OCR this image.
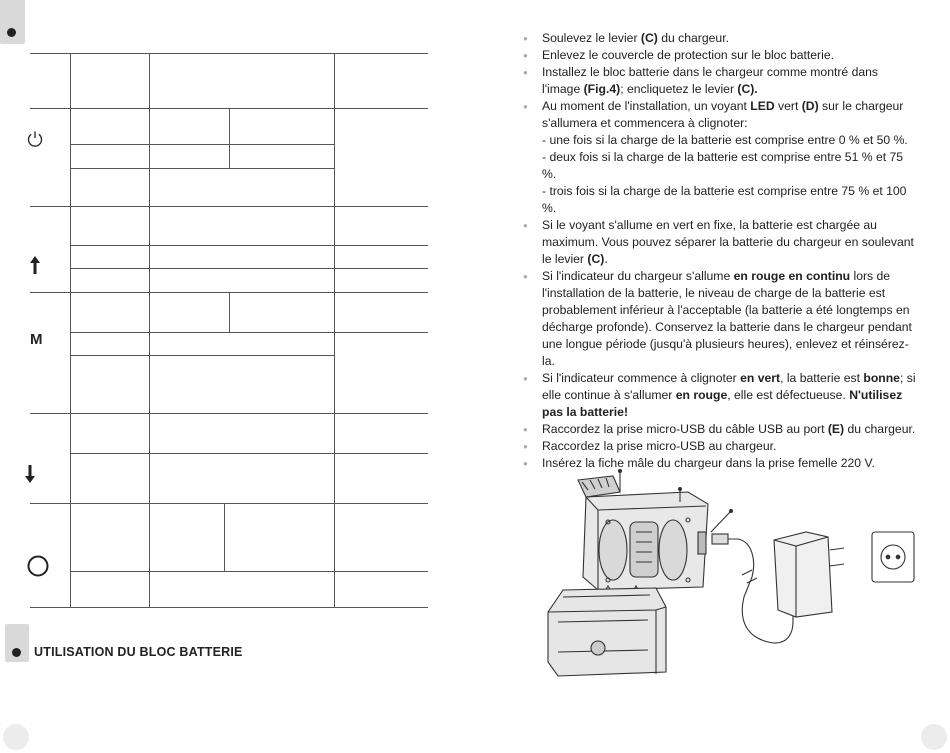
M
UTILISATION DU BLOC BATTERIE
● Soulevez le levier (C) du chargeur.
● Enlevez le couvercle de protection sur le bloc batterie.
● Installez le bloc batterie dans le chargeur comme montré dans l'image (Fig.4); encliquetez le levier (C).
● Au moment de l'installation, un voyant LED vert (D) sur le chargeur s'allumera et commencera à clignoter:
- une fois si la charge de la batterie est comprise entre 0 % et 50 %.
- deux fois si la charge de la batterie est comprise entre 51 % et 75 %.
- trois fois si la charge de la batterie est comprise entre 75 % et 100 %.
● Si le voyant s'allume en vert en fixe, la batterie est chargée au maximum. Vous pouvez séparer la batterie du chargeur en soulevant le levier (C).
● Si l'indicateur du chargeur s'allume en rouge en continu lors de l'installation de la batterie, le niveau de charge de la batterie est probablement inférieur à l'acceptable (la batterie a été longtemps en décharge profonde). Conservez la batterie dans le chargeur pendant une longue période (jusqu'à plusieurs heures), enlevez et réinsérez-la.
● Si l'indicateur commence à clignoter en vert, la batterie est bonne; si elle continue à s'allumer en rouge, elle est défectueuse. N'utilisez pas la batterie!
● Raccordez la prise micro-USB du câble USB au port (E) du chargeur.
● Raccordez la prise micro-USB au chargeur.
● Insérez la fiche mâle du chargeur dans la prise femelle 220 V.
